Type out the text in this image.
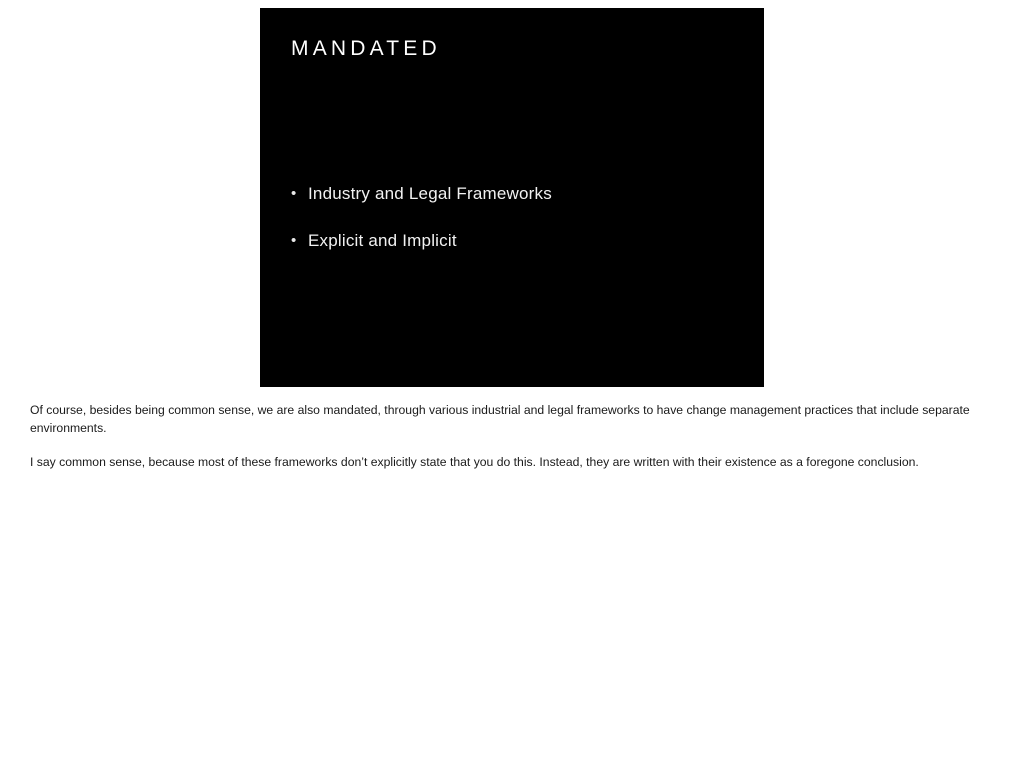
MANDATED
• Industry and Legal Frameworks
• Explicit and Implicit

Of course, besides being common sense, we are also mandated, through various industrial and legal frameworks to have change management practices that include separate environments.

I say common sense, because most of these frameworks don’t explicitly state that you do this. Instead, they are written with their existence as a foregone conclusion.
